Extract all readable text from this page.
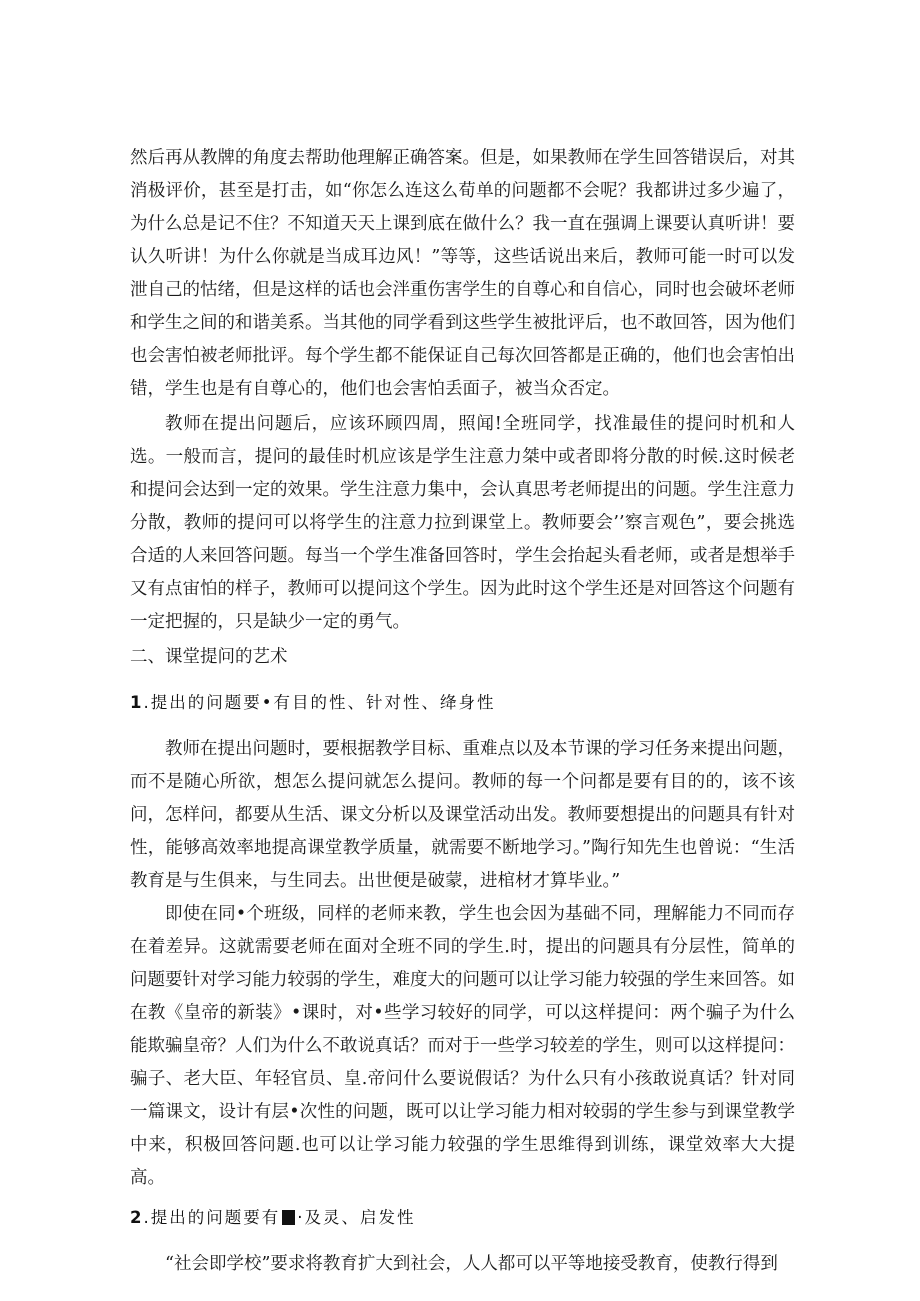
然后再从教牌的角度去帮助他理解正确答案。但是，如果教师在学生回答错误后，对其消极评价，甚至是打击，如“你怎么连这么荀单的问题都不会呢？我都讲过多少遍了，为什么总是记不住？不知道天天上课到底在做什么？我一直在强调上课要认真听讲！要认久听讲！为什么你就是当成耳边风！”等等，这些话说出来后，教师可能一时可以发泄自己的怙绪，但是这样的话也会泮重伤害学生的自尊心和自信心，同时也会破坏老师和学生之间的和谐美系。当其他的同学看到这些学生被批评后，也不敢回答，因为他们也会害怕被老师批评。每个学生都不能保证自己每次回答都是正确的，他们也会害怕出错，学生也是有自尊心的，他们也会害怕丢面子，被当众否定。

教师在提出问题后，应该环顾四周，照闻!全班同学，找准最佳的提问时机和人选。一般而言，提问的最佳时机应该是学生注意力桀中或者即将分散的时候.这时候老和提问会达到一定的效果。学生注意力集中，会认真思考老师提出的问题。学生注意力分散，教师的提问可以将学生的注意力拉到课堂上。教师要会’’察言观色”，要会挑选合适的人来回答问题。每当一个学生准备回答时，学生会抬起头看老师，或者是想举手又有点宙怕的样子，教师可以提问这个学生。因为此时这个学生还是对回答这个问题有一定把握的，只是缺少一定的勇气。

二、课堂提问的艺术

1 .提出的问题要•有目的性、针对性、绛身性

教师在提出问题时，要根据教学目标、重难点以及本节课的学习任务来提出问题，而不是随心所欲，想怎么提问就怎么提问。教师的每一个问都是要有目的的，该不该问，怎样问，都要从生活、课文分析以及课堂活动出发。教师要想提出的问题具有针对性，能够高效率地提高课堂教学质量，就需要不断地学习。”陶行知先生也曾说：“生活教育是与生俱来，与生同去。出世便是破蒙，进棺材才算毕业。”

即使在同•个班级，同样的老师来教，学生也会因为基础不同，理解能力不同而存在着差异。这就需要老师在面对全班不同的学生.时，提出的问题具有分层性，简单的问题要针对学习能力较弱的学生，难度大的问题可以让学习能力较强的学生来回答。如在教《皇帝的新装》•课时，对•些学习较好的同学，可以这样提问：两个骗子为什么能欺骗皇帝？人们为什么不敢说真话？而对于一些学习较差的学生，则可以这样提问：骗子、老大臣、年轻官员、皇.帝问什么要说假话？为什么只有小孩敢说真话？针对同一篇课文，设计有层•次性的问题，既可以让学习能力相对较弱的学生参与到课堂教学中来，积极回答问题.也可以让学习能力较强的学生思维得到训练，课堂效率大大提高。

2 .提出的问题要有 ·及灵、启发性

“社会即学校”要求将教育扩大到社会，人人都可以平等地接受教育，使教行得到
